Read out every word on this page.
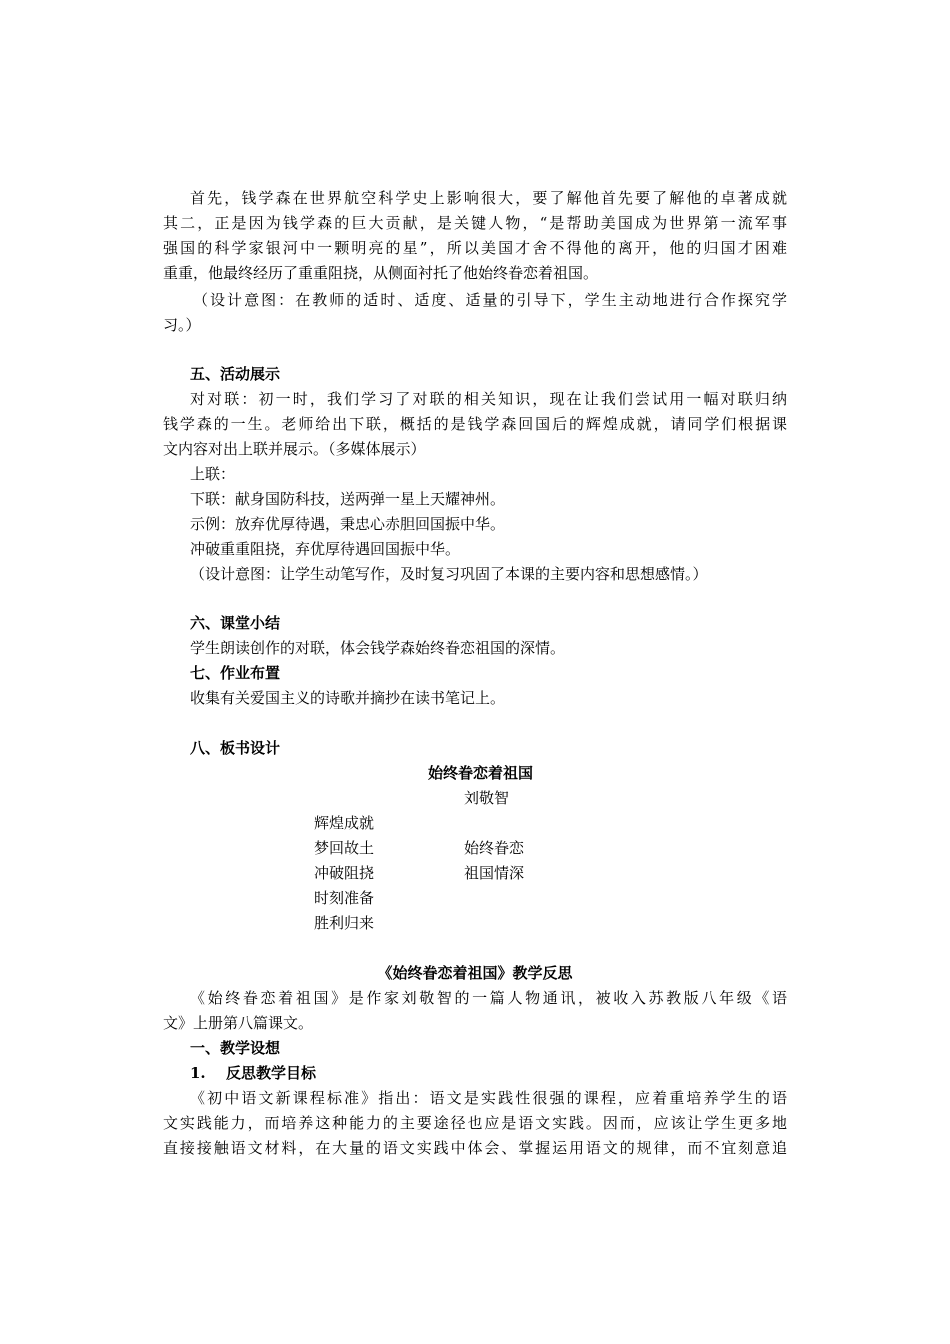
首先，钱学森在世界航空科学史上影响很大，要了解他首先要了解他的卓著成就
其二，正是因为钱学森的巨大贡献，是关键人物，“是帮助美国成为世界第一流军事
强国的科学家银河中一颗明亮的星”，所以美国才舍不得他的离开，他的归国才困难
重重，他最终经历了重重阻挠，从侧面衬托了他始终眷恋着祖国。
（设计意图：在教师的适时、适度、适量的引导下，学生主动地进行合作探究学
习。）
五、活动展示
对对联：初一时，我们学习了对联的相关知识，现在让我们尝试用一幅对联归纳
钱学森的一生。老师给出下联，概括的是钱学森回国后的辉煌成就，请同学们根据课
文内容对出上联并展示。（多媒体展示）
上联：
下联：献身国防科技，送两弹一星上天耀神州。
示例：放弃优厚待遇，秉忠心赤胆回国振中华。
冲破重重阻挠，弃优厚待遇回国振中华。
（设计意图：让学生动笔写作，及时复习巩固了本课的主要内容和思想感情。）
六、课堂小结
学生朗读创作的对联，体会钱学森始终眷恋祖国的深情。
七、作业布置
收集有关爱国主义的诗歌并摘抄在读书笔记上。
八、板书设计
始终眷恋着祖国
刘敬智
辉煌成就
梦回故土
冲破阻挠
时刻准备
胜利归来
始终眷恋
祖国情深
《始终眷恋着祖国》教学反思
《始终眷恋着祖国》是作家刘敬智的一篇人物通讯，被收入苏教版八年级《语
文》上册第八篇课文。
一、教学设想
1. 反思教学目标
《初中语文新课程标准》指出：语文是实践性很强的课程，应着重培养学生的语
文实践能力，而培养这种能力的主要途径也应是语文实践。因而，应该让学生更多地
直接接触语文材料，在大量的语文实践中体会、掌握运用语文的规律，而不宜刻意追
